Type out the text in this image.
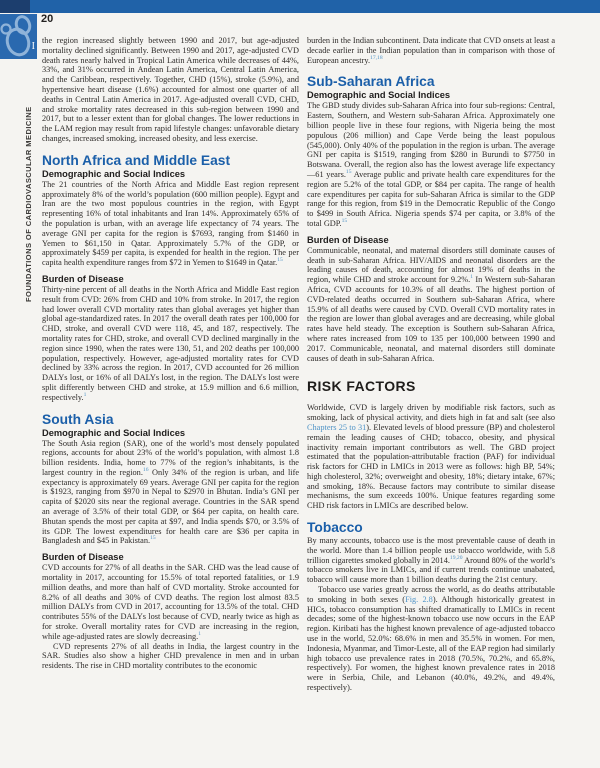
I
FOUNDATIONS OF CARDIOVASCULAR MEDICINE
20
the region increased slightly between 1990 and 2017, but age-adjusted mortality declined significantly. Between 1990 and 2017, age-adjusted CVD death rates nearly halved in Tropical Latin America while decreases of 44%, 33%, and 31% occurred in Andean Latin America, Central Latin America, and the Caribbean, respectively. Together, CHD (15%), stroke (5.9%), and hypertensive heart disease (1.6%) accounted for almost one quarter of all deaths in Central Latin America in 2017. Age-adjusted overall CVD, CHD, and stroke mortality rates decreased in this sub-region between 1990 and 2017, but to a lesser extent than for global changes. The lower reductions in the LAM region may result from rapid lifestyle changes: unfavorable dietary changes, increased smoking, increased obesity, and less exercise.
North Africa and Middle East
Demographic and Social Indices
The 21 countries of the North Africa and Middle East region represent approximately 8% of the world’s population (600 million people). Egypt and Iran are the two most populous countries in the region, with Egypt representing 16% of total inhabitants and Iran 14%. Approximately 65% of the population is urban, with an average life expectancy of 74 years. The average GNI per capita for the region is $7693, ranging from $1460 in Yemen to $61,150 in Qatar. Approximately 5.7% of the GDP, or approximately $459 per capita, is expended for health in the region. The per capita health expenditure ranges from $72 in Yemen to $1649 in Qatar.$^{15}$
Burden of Disease
Thirty-nine percent of all deaths in the North Africa and Middle East region result from CVD: 26% from CHD and 10% from stroke. In 2017, the region had lower overall CVD mortality rates than global averages yet higher than global age-standardized rates. In 2017 the overall death rates per 100,000 for CHD, stroke, and overall CVD were 118, 45, and 187, respectively. The mortality rates for CHD, stroke, and overall CVD declined marginally in the region since 1990, when the rates were 130, 51, and 202 deaths per 100,000 population, respectively. However, age-adjusted mortality rates for CVD declined by 33% across the region. In 2017, CVD accounted for 26 million DALYs lost, or 16% of all DALYs lost, in the region. The DALYs lost were split differently between CHD and stroke, at 15.9 million and 6.6 million, respectively.$^1$
South Asia
Demographic and Social Indices
The South Asia region (SAR), one of the world’s most densely populated regions, accounts for about 23% of the world’s population, with almost 1.8 billion residents. India, home to 77% of the region’s inhabitants, is the largest country in the region.$^{16}$ Only 34% of the region is urban, and life expectancy is approximately 69 years. Average GNI per capita for the region is $1923, ranging from $970 in Nepal to $2970 in Bhutan. India’s GNI per capita of $2020 sits near the regional average. Countries in the SAR spend an average of 3.5% of their total GDP, or $64 per capita, on health care. Bhutan spends the most per capita at $97, and India spends $70, or 3.5% of its GDP. The lowest expenditures for health care are $36 per capita in Bangladesh and $45 in Pakistan.$^{15}$
Burden of Disease
CVD accounts for 27% of all deaths in the SAR. CHD was the lead cause of mortality in 2017, accounting for 15.5% of total reported fatalities, or 1.9 million deaths, and more than half of CVD mortality. Stroke accounted for 8.2% of all deaths and 30% of CVD deaths. The region lost almost 83.5 million DALYs from CVD in 2017, accounting for 13.5% of the total. CHD contributes 55% of the DALYs lost because of CVD, nearly twice as high as for stroke. Overall mortality rates for CVD are increasing in the region, while age-adjusted rates are slowly decreasing.$^1$
CVD represents 27% of all deaths in India, the largest country in the SAR. Studies also show a higher CHD prevalence in men and in urban residents. The rise in CHD mortality contributes to the economic
burden in the Indian subcontinent. Data indicate that CVD onsets at least a decade earlier in the Indian population than in comparison with those of European ancestry.$^{17,18}$
Sub-Saharan Africa
Demographic and Social Indices
The GBD study divides sub-Saharan Africa into four sub-regions: Central, Eastern, Southern, and Western sub-Saharan Africa. Approximately one billion people live in these four regions, with Nigeria being the most populous (206 million) and Cape Verde being the least populous (545,000). Only 40% of the population in the region is urban. The average GNI per capita is $1519, ranging from $280 in Burundi to $7750 in Botswana. Overall, the region also has the lowest average life expectancy—61 years.$^{15}$ Average public and private health care expenditures for the region are 5.2% of the total GDP, or $84 per capita. The range of health care expenditures per capita for sub-Saharan Africa is similar to the GDP range for this region, from $19 in the Democratic Republic of the Congo to $499 in South Africa. Nigeria spends $74 per capita, or 3.8% of the total GDP.$^{15}$
Burden of Disease
Communicable, neonatal, and maternal disorders still dominate causes of death in sub-Saharan Africa. HIV/AIDS and neonatal disorders are the leading causes of death, accounting for almost 19% of deaths in the region, while CHD and stroke account for 9.2%.$^1$ In Western sub-Saharan Africa, CVD accounts for 10.3% of all deaths. The highest portion of CVD-related deaths occurred in Southern sub-Saharan Africa, where 15.9% of all deaths were caused by CVD. Overall CVD mortality rates in the region are lower than global averages and are decreasing, while global rates have held steady. The exception is Southern sub-Saharan Africa, where rates increased from 109 to 135 per 100,000 between 1990 and 2017. Communicable, neonatal, and maternal disorders still dominate causes of death in sub-Saharan Africa.
RISK FACTORS
Worldwide, CVD is largely driven by modifiable risk factors, such as smoking, lack of physical activity, and diets high in fat and salt (see also Chapters 25 to 31). Elevated levels of blood pressure (BP) and cholesterol remain the leading causes of CHD; tobacco, obesity, and physical inactivity remain important contributors as well. The GBD project estimated that the population-attributable fraction (PAF) for individual risk factors for CHD in LMICs in 2013 were as follows: high BP, 54%; high cholesterol, 32%; overweight and obesity, 18%; dietary intake, 67%; and smoking, 18%. Because factors may contribute to similar disease mechanisms, the sum exceeds 100%. Unique features regarding some CHD risk factors in LMICs are described below.
Tobacco
By many accounts, tobacco use is the most preventable cause of death in the world. More than 1.4 billion people use tobacco worldwide, with 5.8 trillion cigarettes smoked globally in 2014.$^{19,20}$ Around 80% of the world’s tobacco smokers live in LMICs, and if current trends continue unabated, tobacco will cause more than 1 billion deaths during the 21st century.
Tobacco use varies greatly across the world, as do deaths attributable to smoking in both sexes (Fig. 2.8). Although historically greatest in HICs, tobacco consumption has shifted dramatically to LMICs in recent decades; some of the highest-known tobacco use now occurs in the EAP region. Kiribati has the highest known prevalence of age-adjusted tobacco use in the world, 52.0%: 68.6% in men and 35.5% in women. For men, Indonesia, Myanmar, and Timor-Leste, all of the EAP region had similarly high tobacco use prevalence rates in 2018 (70.5%, 70.2%, and 65.8%, respectively). For women, the highest known prevalence rates in 2018 were in Serbia, Chile, and Lebanon (40.0%, 49.2%, and 49.4%, respectively).
